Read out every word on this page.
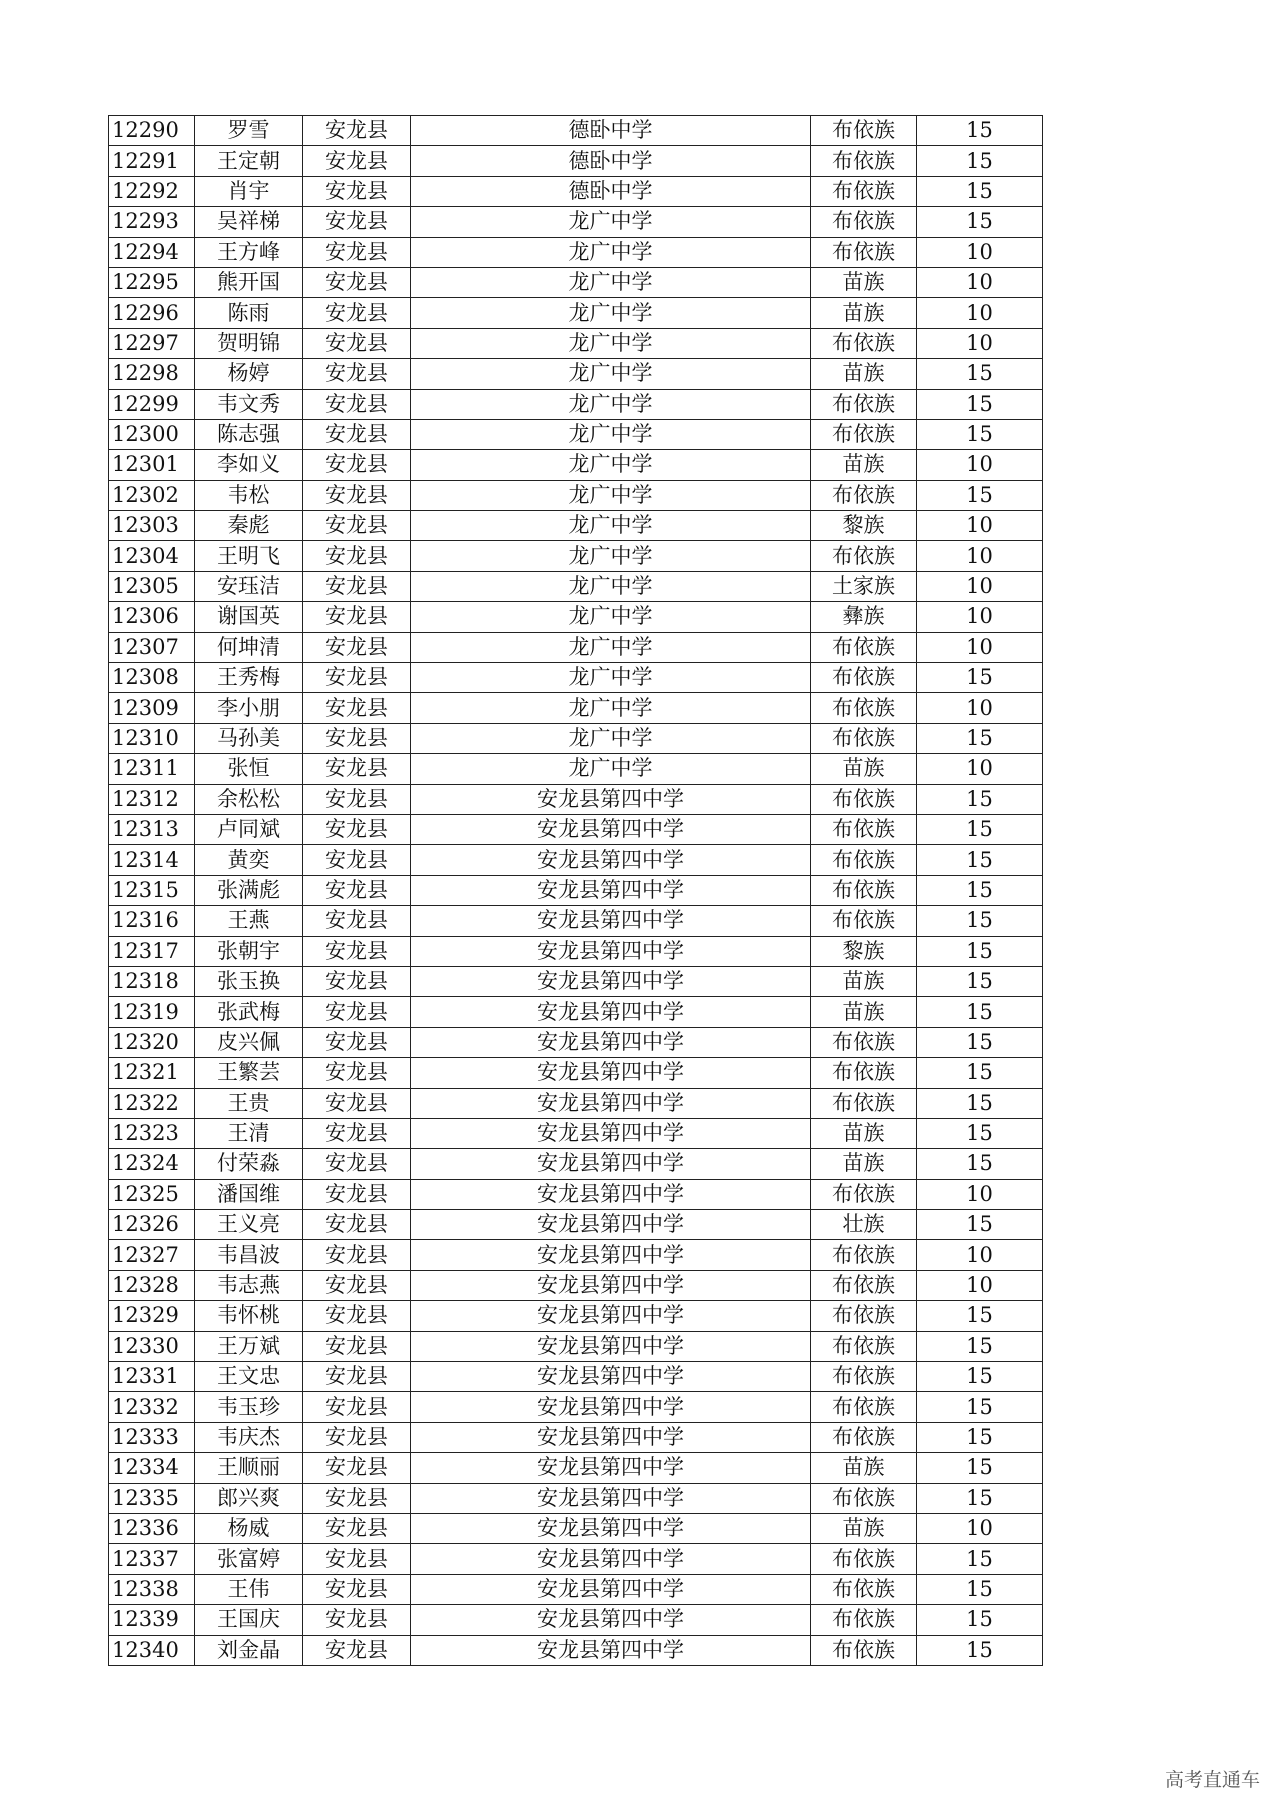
12290	罗雪	安龙县	德卧中学	布依族	15
12291	王定朝	安龙县	德卧中学	布依族	15
12292	肖宇	安龙县	德卧中学	布依族	15
12293	吴祥梯	安龙县	龙广中学	布依族	15
12294	王方峰	安龙县	龙广中学	布依族	10
12295	熊开国	安龙县	龙广中学	苗族	10
12296	陈雨	安龙县	龙广中学	苗族	10
12297	贺明锦	安龙县	龙广中学	布依族	10
12298	杨婷	安龙县	龙广中学	苗族	15
12299	韦文秀	安龙县	龙广中学	布依族	15
12300	陈志强	安龙县	龙广中学	布依族	15
12301	李如义	安龙县	龙广中学	苗族	10
12302	韦松	安龙县	龙广中学	布依族	15
12303	秦彪	安龙县	龙广中学	黎族	10
12304	王明飞	安龙县	龙广中学	布依族	10
12305	安珏洁	安龙县	龙广中学	土家族	10
12306	谢国英	安龙县	龙广中学	彝族	10
12307	何坤清	安龙县	龙广中学	布依族	10
12308	王秀梅	安龙县	龙广中学	布依族	15
12309	李小朋	安龙县	龙广中学	布依族	10
12310	马孙美	安龙县	龙广中学	布依族	15
12311	张恒	安龙县	龙广中学	苗族	10
12312	余松松	安龙县	安龙县第四中学	布依族	15
12313	卢同斌	安龙县	安龙县第四中学	布依族	15
12314	黄奕	安龙县	安龙县第四中学	布依族	15
12315	张满彪	安龙县	安龙县第四中学	布依族	15
12316	王燕	安龙县	安龙县第四中学	布依族	15
12317	张朝宇	安龙县	安龙县第四中学	黎族	15
12318	张玉换	安龙县	安龙县第四中学	苗族	15
12319	张武梅	安龙县	安龙县第四中学	苗族	15
12320	皮兴佩	安龙县	安龙县第四中学	布依族	15
12321	王繁芸	安龙县	安龙县第四中学	布依族	15
12322	王贵	安龙县	安龙县第四中学	布依族	15
12323	王清	安龙县	安龙县第四中学	苗族	15
12324	付荣淼	安龙县	安龙县第四中学	苗族	15
12325	潘国维	安龙县	安龙县第四中学	布依族	10
12326	王义亮	安龙县	安龙县第四中学	壮族	15
12327	韦昌波	安龙县	安龙县第四中学	布依族	10
12328	韦志燕	安龙县	安龙县第四中学	布依族	10
12329	韦怀桃	安龙县	安龙县第四中学	布依族	15
12330	王万斌	安龙县	安龙县第四中学	布依族	15
12331	王文忠	安龙县	安龙县第四中学	布依族	15
12332	韦玉珍	安龙县	安龙县第四中学	布依族	15
12333	韦庆杰	安龙县	安龙县第四中学	布依族	15
12334	王顺丽	安龙县	安龙县第四中学	苗族	15
12335	郎兴爽	安龙县	安龙县第四中学	布依族	15
12336	杨威	安龙县	安龙县第四中学	苗族	10
12337	张富婷	安龙县	安龙县第四中学	布依族	15
12338	王伟	安龙县	安龙县第四中学	布依族	15
12339	王国庆	安龙县	安龙县第四中学	布依族	15
12340	刘金晶	安龙县	安龙县第四中学	布依族	15
高考直通车
